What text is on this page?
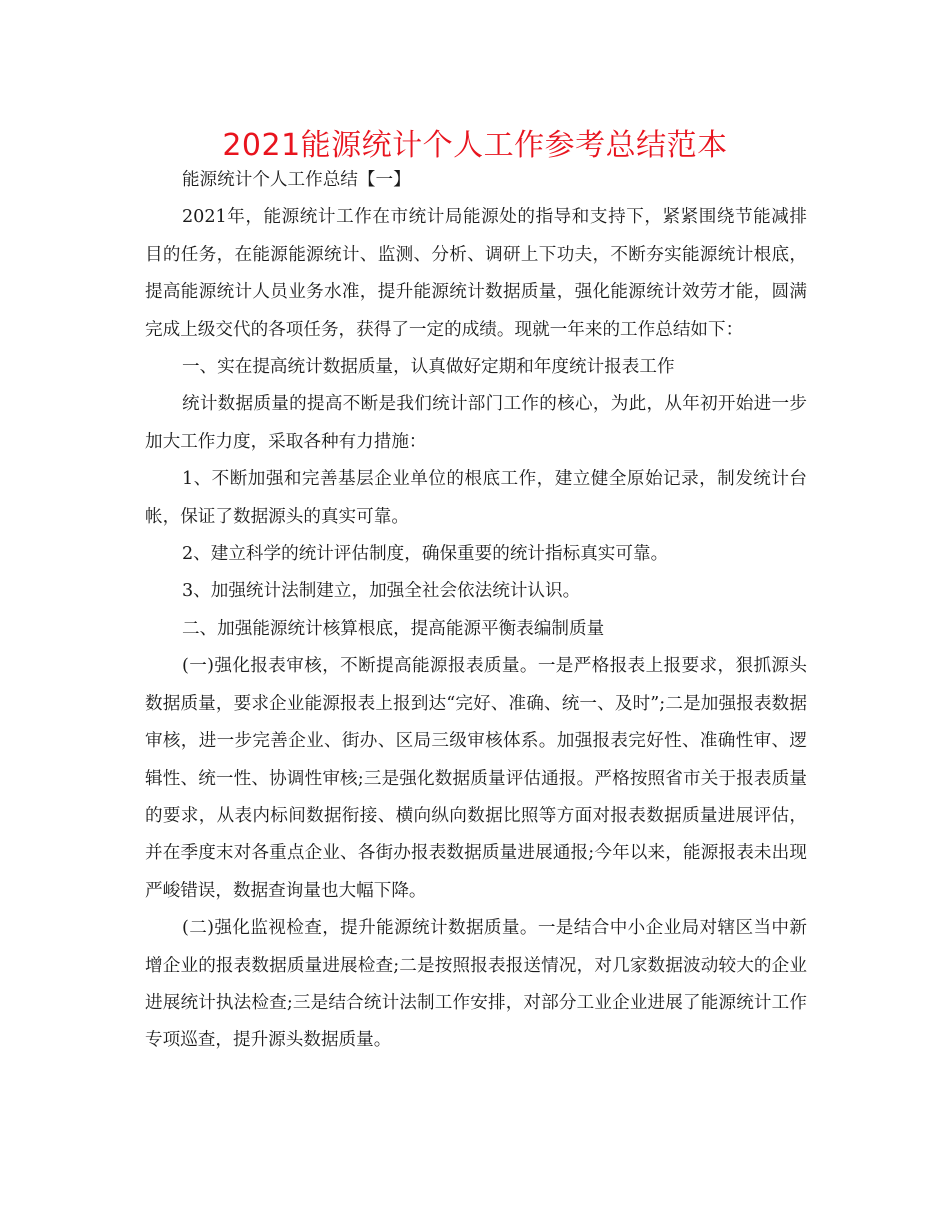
2021能源统计个人工作参考总结范本

能源统计个人工作总结【一】

2021年，能源统计工作在市统计局能源处的指导和支持下，紧紧围绕节能减排目的任务，在能源能源统计、监测、分析、调研上下功夫，不断夯实能源统计根底，提高能源统计人员业务水准，提升能源统计数据质量，强化能源统计效劳才能，圆满完成上级交代的各项任务，获得了一定的成绩。现就一年来的工作总结如下：

一、实在提高统计数据质量，认真做好定期和年度统计报表工作

统计数据质量的提高不断是我们统计部门工作的核心，为此，从年初开始进一步加大工作力度，采取各种有力措施：

1、不断加强和完善基层企业单位的根底工作，建立健全原始记录，制发统计台帐，保证了数据源头的真实可靠。

2、建立科学的统计评估制度，确保重要的统计指标真实可靠。

3、加强统计法制建立，加强全社会依法统计认识。

二、加强能源统计核算根底，提高能源平衡表编制质量

(一)强化报表审核，不断提高能源报表质量。一是严格报表上报要求，狠抓源头数据质量，要求企业能源报表上报到达“完好、准确、统一、及时”;二是加强报表数据审核，进一步完善企业、街办、区局三级审核体系。加强报表完好性、准确性审、逻辑性、统一性、协调性审核;三是强化数据质量评估通报。严格按照省市关于报表质量的要求，从表内标间数据衔接、横向纵向数据比照等方面对报表数据质量进展评估，并在季度末对各重点企业、各街办报表数据质量进展通报;今年以来，能源报表未出现严峻错误，数据查询量也大幅下降。

(二)强化监视检查，提升能源统计数据质量。一是结合中小企业局对辖区当中新增企业的报表数据质量进展检查;二是按照报表报送情况，对几家数据波动较大的企业进展统计执法检查;三是结合统计法制工作安排，对部分工业企业进展了能源统计工作专项巡查，提升源头数据质量。
